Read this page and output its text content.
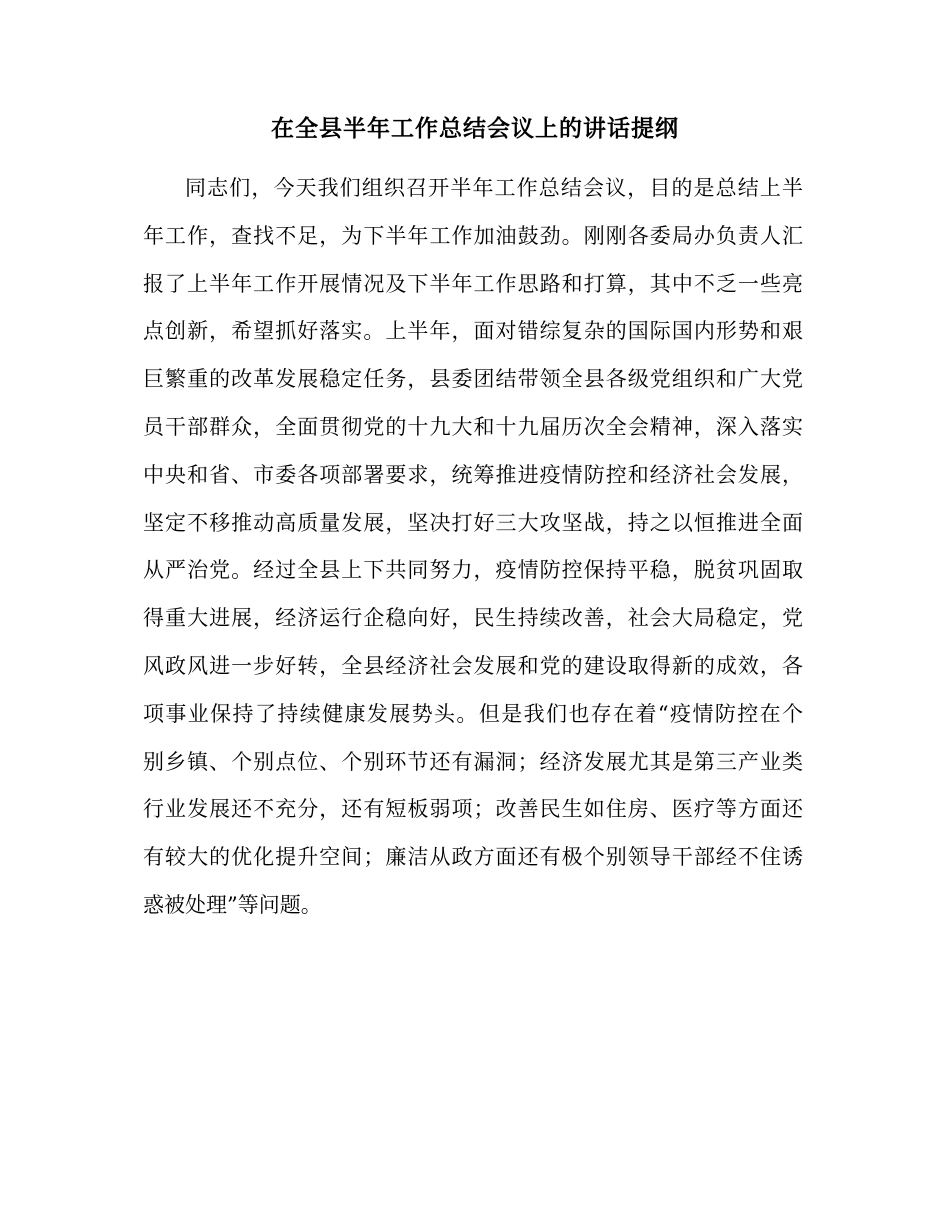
在全县半年工作总结会议上的讲话提纲
同志们，今天我们组织召开半年工作总结会议，目的是总结上半
年工作，查找不足，为下半年工作加油鼓劲。刚刚各委局办负责人汇
报了上半年工作开展情况及下半年工作思路和打算，其中不乏一些亮
点创新，希望抓好落实。上半年，面对错综复杂的国际国内形势和艰
巨繁重的改革发展稳定任务，县委团结带领全县各级党组织和广大党
员干部群众，全面贯彻党的十九大和十九届历次全会精神，深入落实
中央和省、市委各项部署要求，统筹推进疫情防控和经济社会发展，
坚定不移推动高质量发展，坚决打好三大攻坚战，持之以恒推进全面
从严治党。经过全县上下共同努力，疫情防控保持平稳，脱贫巩固取
得重大进展，经济运行企稳向好，民生持续改善，社会大局稳定，党
风政风进一步好转，全县经济社会发展和党的建设取得新的成效，各
项事业保持了持续健康发展势头。但是我们也存在着“疫情防控在个
别乡镇、个别点位、个别环节还有漏洞；经济发展尤其是第三产业类
行业发展还不充分，还有短板弱项；改善民生如住房、医疗等方面还
有较大的优化提升空间；廉洁从政方面还有极个别领导干部经不住诱
惑被处理”等问题。
